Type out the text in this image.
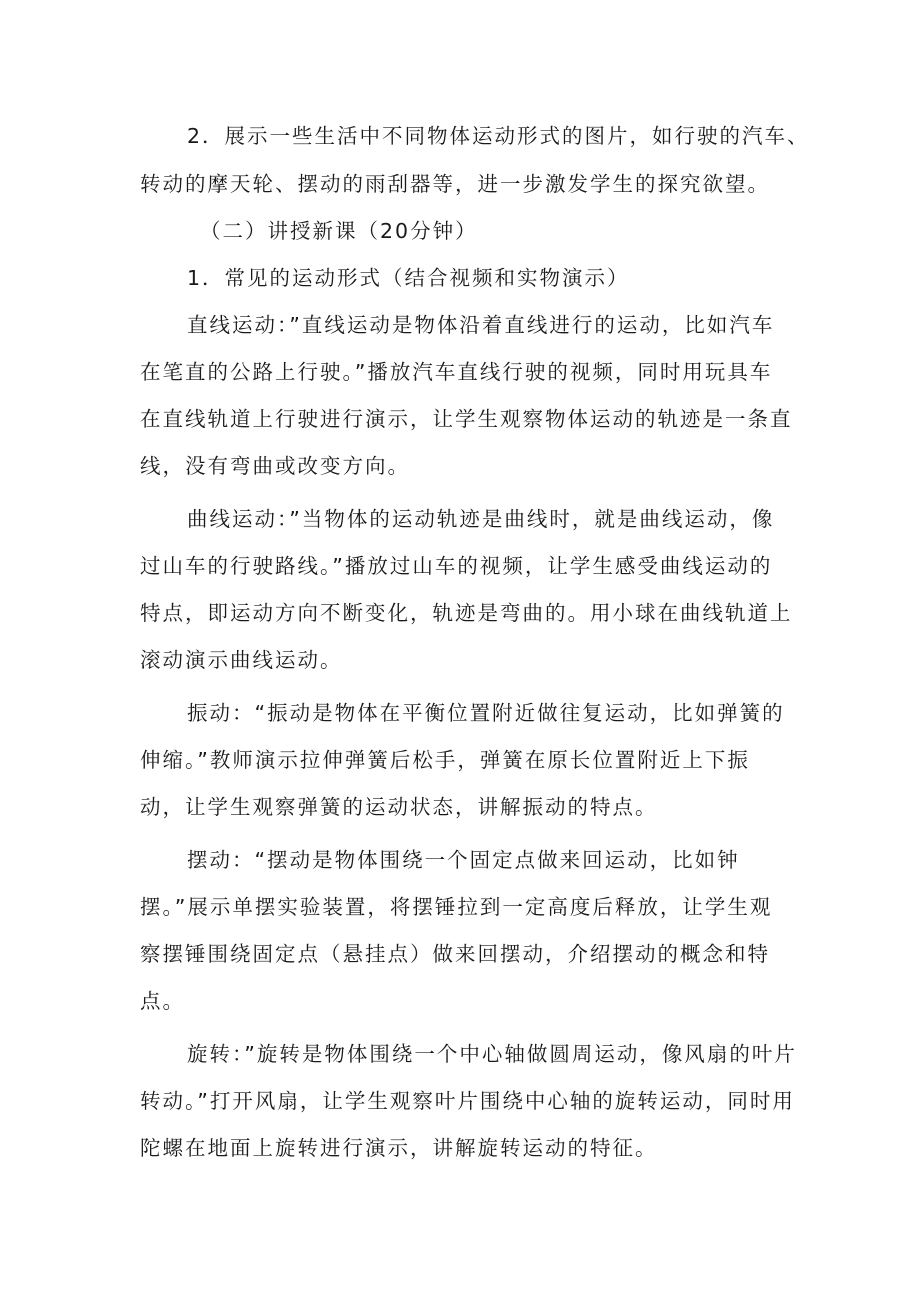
2．展示一些生活中不同物体运动形式的图片，如行驶的汽车、
转动的摩天轮、摆动的雨刮器等，进一步激发学生的探究欲望。
（二）讲授新课（20分钟）
1．常见的运动形式（结合视频和实物演示）
直线运动：”直线运动是物体沿着直线进行的运动，比如汽车
在笔直的公路上行驶。”播放汽车直线行驶的视频，同时用玩具车
在直线轨道上行驶进行演示，让学生观察物体运动的轨迹是一条直
线，没有弯曲或改变方向。
曲线运动：”当物体的运动轨迹是曲线时，就是曲线运动，像
过山车的行驶路线。”播放过山车的视频，让学生感受曲线运动的
特点，即运动方向不断变化，轨迹是弯曲的。用小球在曲线轨道上
滚动演示曲线运动。
振动：“振动是物体在平衡位置附近做往复运动，比如弹簧的
伸缩。”教师演示拉伸弹簧后松手，弹簧在原长位置附近上下振
动，让学生观察弹簧的运动状态，讲解振动的特点。
摆动：“摆动是物体围绕一个固定点做来回运动，比如钟
摆。”展示单摆实验装置，将摆锤拉到一定高度后释放，让学生观
察摆锤围绕固定点（悬挂点）做来回摆动，介绍摆动的概念和特
点。
旋转：”旋转是物体围绕一个中心轴做圆周运动，像风扇的叶片
转动。”打开风扇，让学生观察叶片围绕中心轴的旋转运动，同时用
陀螺在地面上旋转进行演示，讲解旋转运动的特征。
